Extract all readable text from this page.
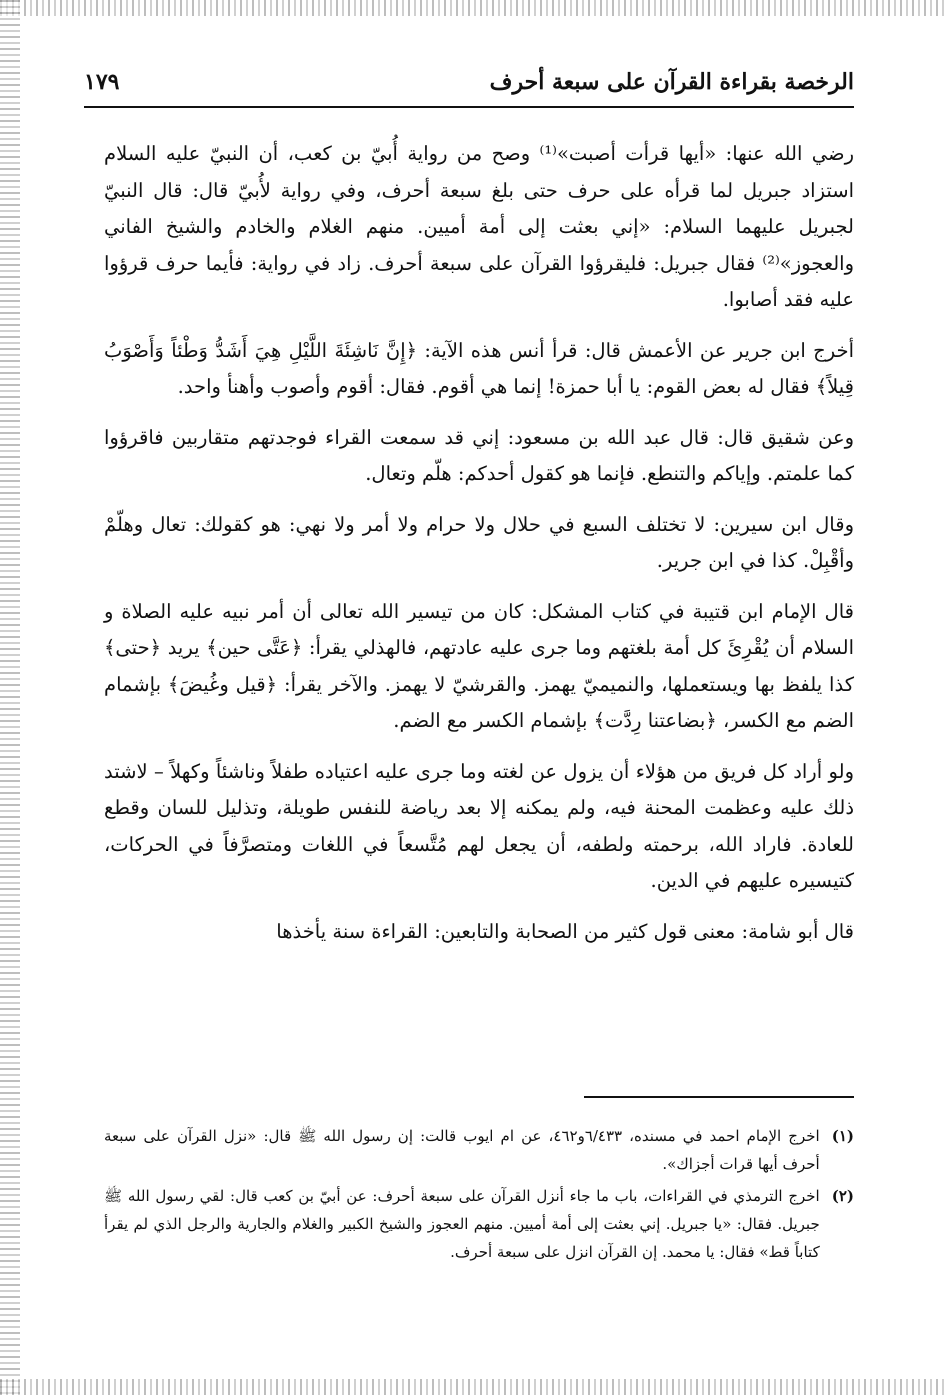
الرخصة بقراءة القرآن على سبعة أحرف
١٧٩

رضي الله عنها: «أيها قرأت أصبت»⁽¹⁾ وصح من رواية أُبيّ بن كعب، أن النبيّ عليه السلام استزاد جبريل لما قرأه على حرف حتى بلغ سبعة أحرف، وفي رواية لأُبيّ قال: قال النبيّ لجبريل عليهما السلام: «إني بعثت إلى أمة أميين. منهم الغلام والخادم والشيخ الفاني والعجوز»⁽²⁾ فقال جبريل: فليقرؤوا القرآن على سبعة أحرف. زاد في رواية: فأيما حرف قرؤوا عليه فقد أصابوا.

أخرج ابن جرير عن الأعمش قال: قرأ أنس هذه الآية: ﴿إِنَّ نَاشِئَةَ اللَّيْلِ هِيَ أَشَدُّ وَطْئاً وَأَصْوَبُ قِيلاً﴾ فقال له بعض القوم: يا أبا حمزة! إنما هي أقوم. فقال: أقوم وأصوب وأهنأ واحد.

وعن شقيق قال: قال عبد الله بن مسعود: إني قد سمعت القراء فوجدتهم متقاربين فاقرؤوا كما علمتم. وإياكم والتنطع. فإنما هو كقول أحدكم: هلّم وتعال.

وقال ابن سيرين: لا تختلف السبع في حلال ولا حرام ولا أمر ولا نهي: هو كقولك: تعال وهلّمْ وأقْبِلْ. كذا في ابن جرير.

قال الإمام ابن قتيبة في كتاب المشكل: كان من تيسير الله تعالى أن أمر نبيه عليه الصلاة و السلام أن يُقْرِئَ كل أمة بلغتهم وما جرى عليه عادتهم، فالهذلي يقرأ: ﴿عَتَّى حين﴾ يريد ﴿حتى﴾ كذا يلفظ بها ويستعملها، والنميميّ يهمز. والقرشيّ لا يهمز. والآخر يقرأ: ﴿قيل وغُيضَ﴾ بإشمام الضم مع الكسر، ﴿بضاعتنا رِدَّت﴾ بإشمام الكسر مع الضم.

ولو أراد كل فريق من هؤلاء أن يزول عن لغته وما جرى عليه اعتياده طفلاً وناشئاً وكهلاً – لاشتد ذلك عليه وعظمت المحنة فيه، ولم يمكنه إلا بعد رياضة للنفس طويلة، وتذليل للسان وقطع للعادة. فاراد الله، برحمته ولطفه، أن يجعل لهم مُتَّسعاً في اللغات ومتصرَّفاً في الحركات، كتيسيره عليهم في الدين.

قال أبو شامة: معنى قول كثير من الصحابة والتابعين: القراءة سنة يأخذها

(١)
اخرج الإمام احمد في مسنده، ٦/٤٣٣و٤٦٢، عن ام ايوب قالت: إن رسول الله ﷺ قال: «نزل القرآن على سبعة أحرف أيها قرات أجزاك».
(٢)
اخرج الترمذي في القراءات، باب ما جاء أنزل القرآن على سبعة أحرف: عن أبيّ بن كعب قال: لقي رسول الله ﷺ جبريل. فقال: «يا جبريل. إني بعثت إلى أمة أميين. منهم العجوز والشيخ الكبير والغلام والجارية والرجل الذي لم يقرأ كتاباً قط» فقال: يا محمد. إن القرآن انزل على سبعة أحرف.
